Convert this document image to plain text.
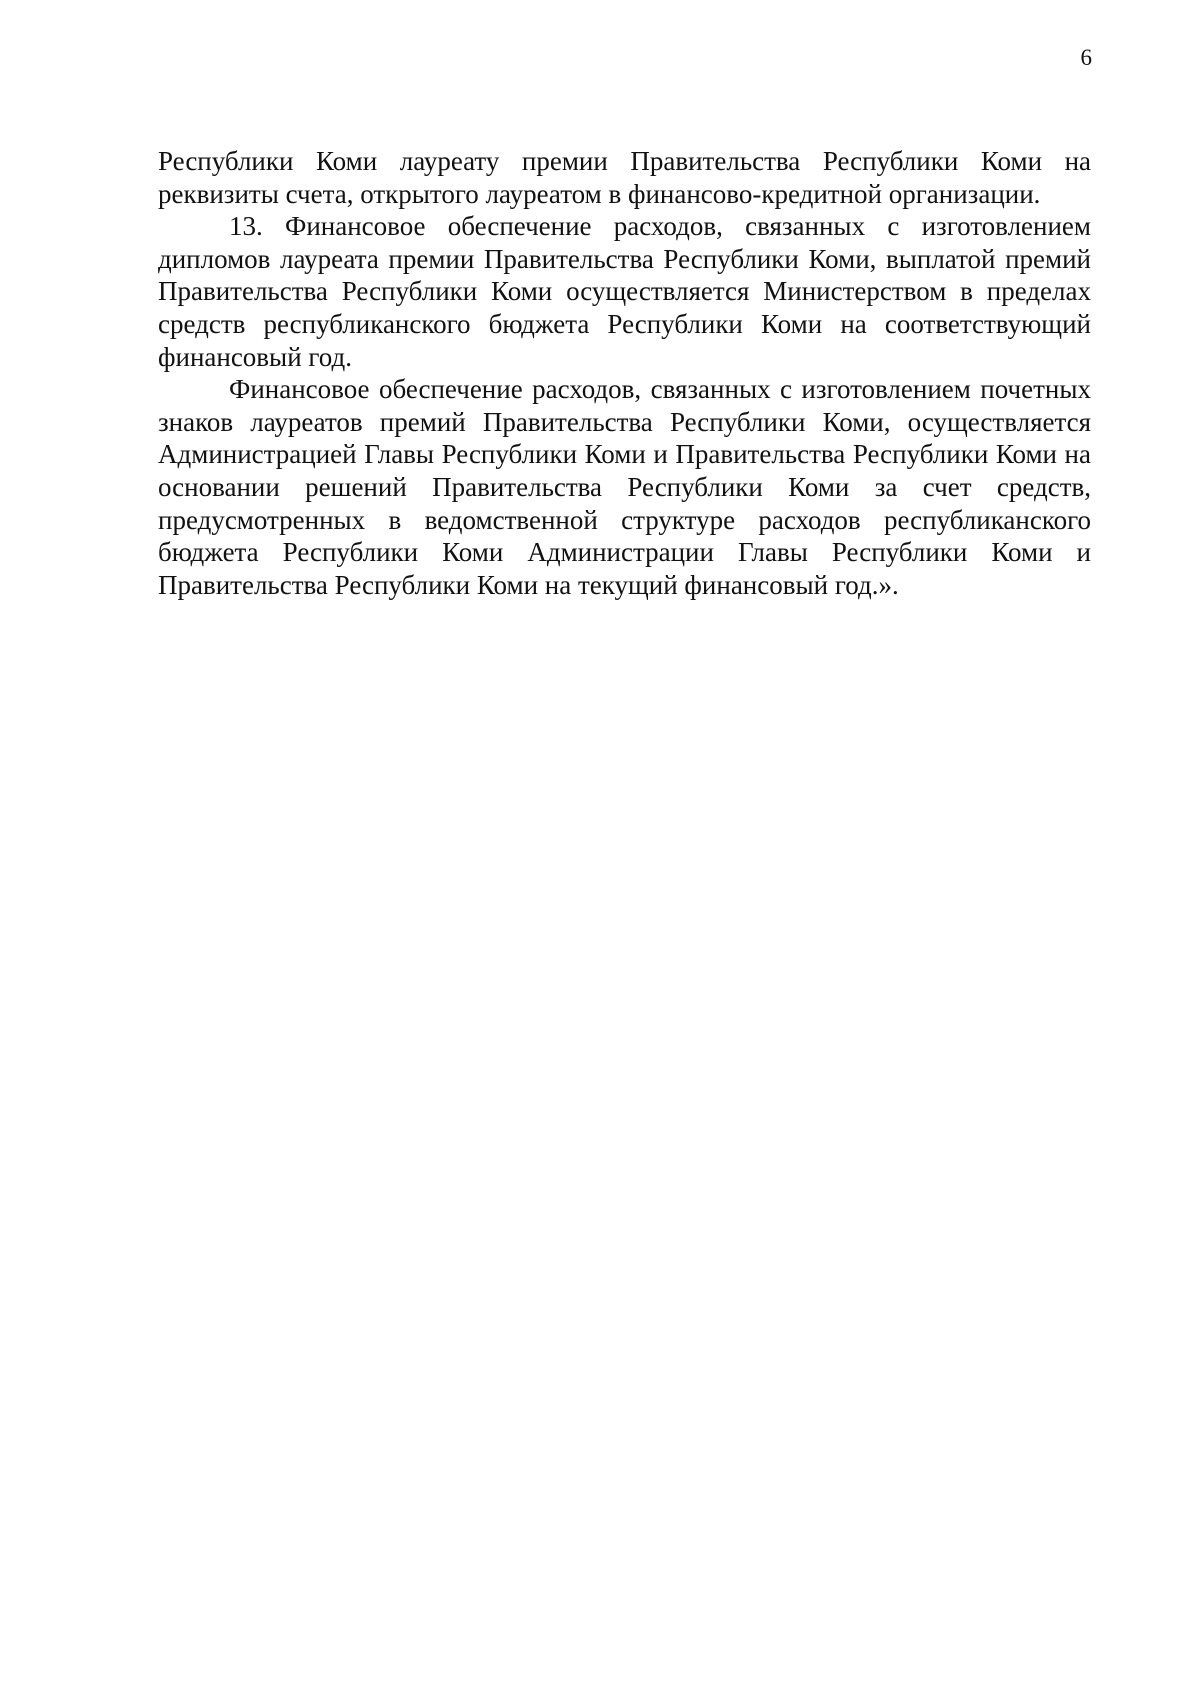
6

Республики Коми лауреату премии Правительства Республики Коми на реквизиты счета, открытого лауреатом в финансово-кредитной организации.

13. Финансовое обеспечение расходов, связанных с изготовлением дипломов лауреата премии Правительства Республики Коми, выплатой премий Правительства Республики Коми осуществляется Министерством в пределах средств республиканского бюджета Республики Коми на соответствующий финансовый год.

Финансовое обеспечение расходов, связанных с изготовлением почетных знаков лауреатов премий Правительства Республики Коми, осуществляется Администрацией Главы Республики Коми и Правительства Республики Коми на основании решений Правительства Республики Коми за счет средств, предусмотренных в ведомственной структуре расходов республиканского бюджета Республики Коми Администрации Главы Республики Коми и Правительства Республики Коми на текущий финансовый год.».
